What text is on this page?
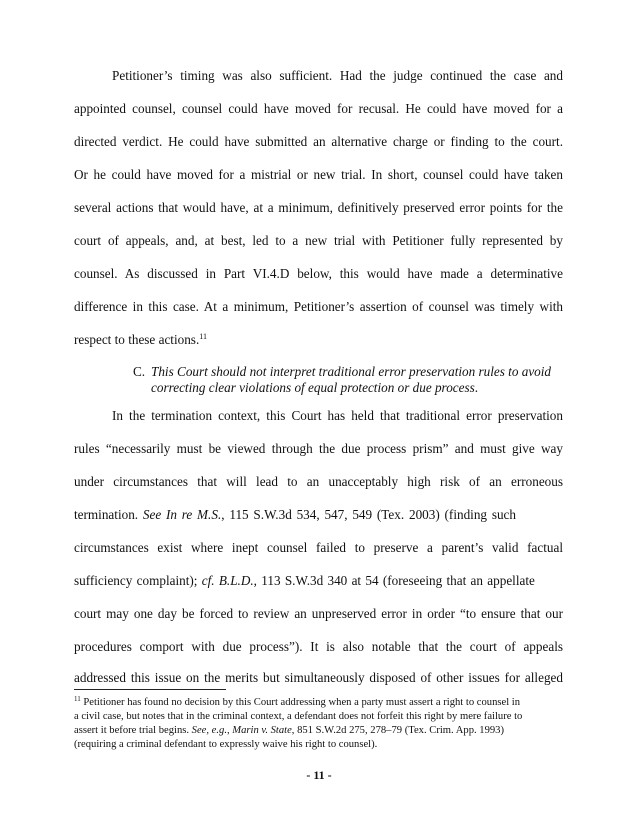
Petitioner’s timing was also sufficient. Had the judge continued the case and
appointed counsel, counsel could have moved for recusal. He could have moved for a
directed verdict. He could have submitted an alternative charge or finding to the court.
Or he could have moved for a mistrial or new trial. In short, counsel could have taken
several actions that would have, at a minimum, definitively preserved error points for the
court of appeals, and, at best, led to a new trial with Petitioner fully represented by
counsel. As discussed in Part VI.4.D below, this would have made a determinative
difference in this case. At a minimum, Petitioner’s assertion of counsel was timely with
respect to these actions.$^{11}$
C. This Court should not interpret traditional error preservation rules to avoid
correcting clear violations of equal protection or due process.
In the termination context, this Court has held that traditional error preservation
rules “necessarily must be viewed through the due process prism” and must give way
under circumstances that will lead to an unacceptably high risk of an erroneous
termination. See In re M.S., 115 S.W.3d 534, 547, 549 (Tex. 2003) (finding such
circumstances exist where inept counsel failed to preserve a parent’s valid factual
sufficiency complaint); cf. B.L.D., 113 S.W.3d 340 at 54 (foreseeing that an appellate
court may one day be forced to review an unpreserved error in order “to ensure that our
procedures comport with due process”). It is also notable that the court of appeals
addressed this issue on the merits but simultaneously disposed of other issues for alleged
$^{11}$ Petitioner has found no decision by this Court addressing when a party must assert a right to counsel in
a civil case, but notes that in the criminal context, a defendant does not forfeit this right by mere failure to
assert it before trial begins. See, e.g., Marin v. State, 851 S.W.2d 275, 278–79 (Tex. Crim. App. 1993)
(requiring a criminal defendant to expressly waive his right to counsel).
- 11 -
